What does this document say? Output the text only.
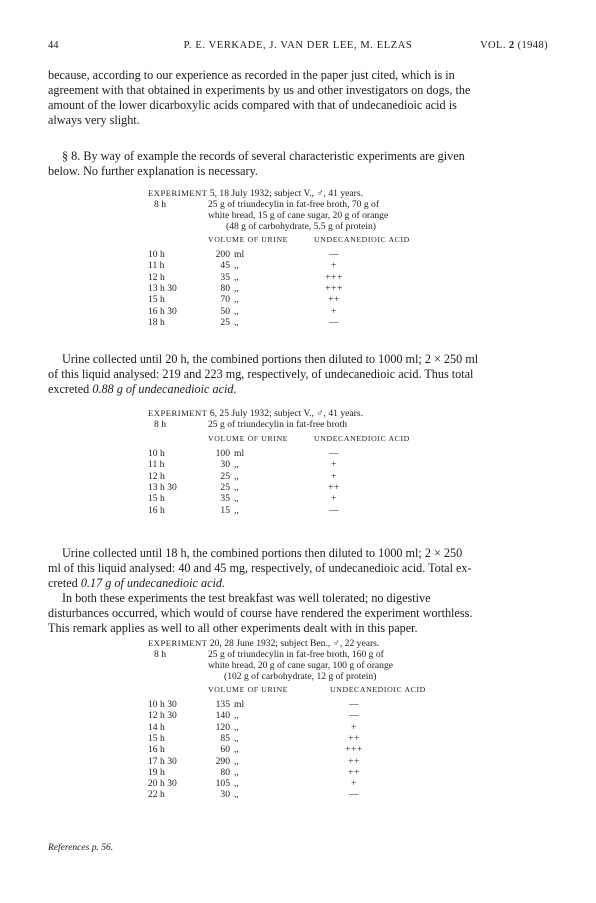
44	P. E. VERKADE, J. VAN DER LEE, M. ELZAS	VOL. 2 (1948)

because, according to our experience as recorded in the paper just cited, which is in
agreement with that obtained in experiments by us and other investigators on dogs, the
amount of the lower dicarboxylic acids compared with that of undecanedioic acid is
always very slight.

§ 8. By way of example the records of several characteristic experiments are given
below. No further explanation is necessary.

EXPERIMENT 5, 18 July 1932; subject V., ♂, 41 years.
8 h	25 g of triundecylin in fat-free broth, 70 g of
white bread, 15 g of cane sugar, 20 g of orange
(48 g of carbohydrate, 5.5 g of protein)
VOLUME OF URINE	UNDECANEDIOIC ACID
10 h	200 ml	—
11 h	45 ,,	+
12 h	35 ,,	+++
13 h 30	80 ,,	+++
15 h	70 ,,	++
16 h 30	50 ,,	+
18 h	25 ,,	—

Urine collected until 20 h, the combined portions then diluted to 1000 ml; 2 × 250 ml
of this liquid analysed: 219 and 223 mg, respectively, of undecanedioic acid. Thus total
excreted 0.88 g of undecanedioic acid.

EXPERIMENT 6, 25 July 1932; subject V., ♂, 41 years.
8 h	25 g of triundecylin in fat-free broth
VOLUME OF URINE	UNDECANEDIOIC ACID
10 h	100 ml	—
11 h	30 ,,	+
12 h	25 ,,	+
13 h 30	25 ,,	++
15 h	35 ,,	+
16 h	15 ,,	—

Urine collected until 18 h, the combined portions then diluted to 1000 ml; 2 × 250
ml of this liquid analysed: 40 and 45 mg, respectively, of undecanedioic acid. Total ex-
creted 0.17 g of undecanedioic acid.

In both these experiments the test breakfast was well tolerated; no digestive
disturbances occurred, which would of course have rendered the experiment worthless.
This remark applies as well to all other experiments dealt with in this paper.

EXPERIMENT 20, 28 June 1932; subject Ben., ♂, 22 years.
8 h	25 g of triundecylin in fat-free broth, 160 g of
white bread, 20 g of cane sugar, 100 g of orange
(102 g of carbohydrate, 12 g of protein)
VOLUME OF URINE	UNDECANEDIOIC ACID
10 h 30	135 ml	—
12 h 30	140 ,,	—
14 h	120 ,,	+
15 h	85 ,,	++
16 h	60 ,,	+++
17 h 30	290 ,,	++
19 h	80 ,,	++
20 h 30	105 ,,	+
22 h	30 ,,	—
References p. 56.
